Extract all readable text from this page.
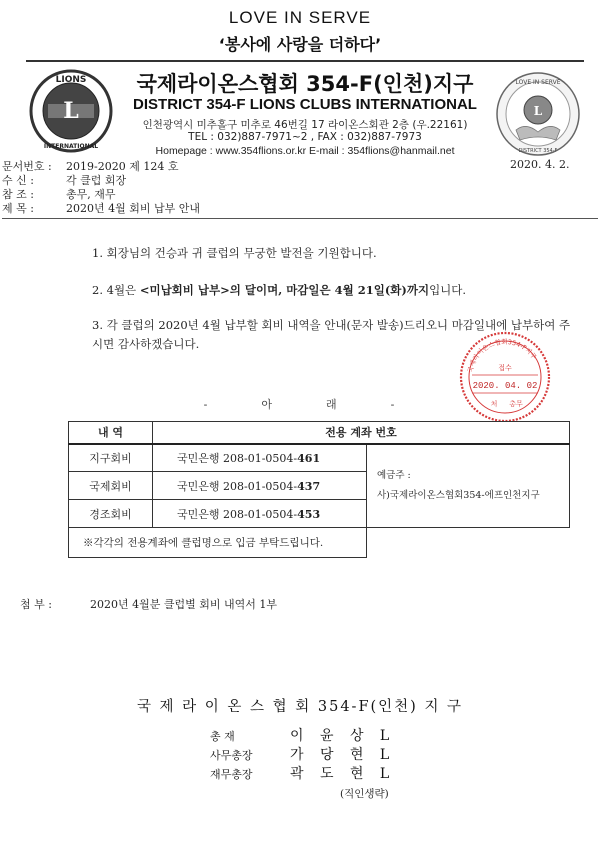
LOVE IN SERVE
‘봉사에 사랑을 더하다’
L
LIONS
INTERNATIONAL
국제라이온스협회 354-F(인천)지구
DISTRICT 354-F LIONS CLUBS INTERNATIONAL
인천광역시 미추홀구 미추로 46번길 17 라이온스회관 2층 (우.22161)
TEL : 032)887-7971~2 , FAX : 032)887-7973
Homepage : www.354flions.or.kr E-mail : 354flions@hanmail.net
L
LOVE IN SERVE
DISTRICT 354-F
문서번호 : 2019-2020 제 124 호	2020. 4. 2.
수 신 :	각 클럽 회장
참 조 :	총무, 재무
제 목 :	2020년 4월 회비 납부 안내
1. 회장님의 건승과 귀 클럽의 무궁한 발전을 기원합니다.
2. 4월은 <미납회비 납부>의 달이며, 마감일은 4월 21일(화)까지입니다.
3. 각 클럽의 2020년 4월 납부할 회비 내역을 안내(문자 발송)드리오니 마감일내에 납부하여 주시면 감사하겠습니다.
국제라이온스협회354-F지구
접수
2020. 04. 02
처 총무
-	아	래	-
내 역	전용 계좌 번호	
지구회비	국민은행 208-01-0504-461	예금주 :
사)국제라이온스협회354-에프인천지구

국제회비	국민은행 208-01-0504-437	
경조회비	국민은행 208-01-0504-453	
※각각의 전용계좌에 클럽명으로 입금 부탁드립니다.		
첨 부 :	2020년 4월분 클럽별 회비 내역서 1부
국 제 라 이 온 스 협 회 354-F(인천) 지 구
총 재	이 윤 상 L
사무총장	가 당 현 L
재무총장	곽 도 현 L
(직인생략)
